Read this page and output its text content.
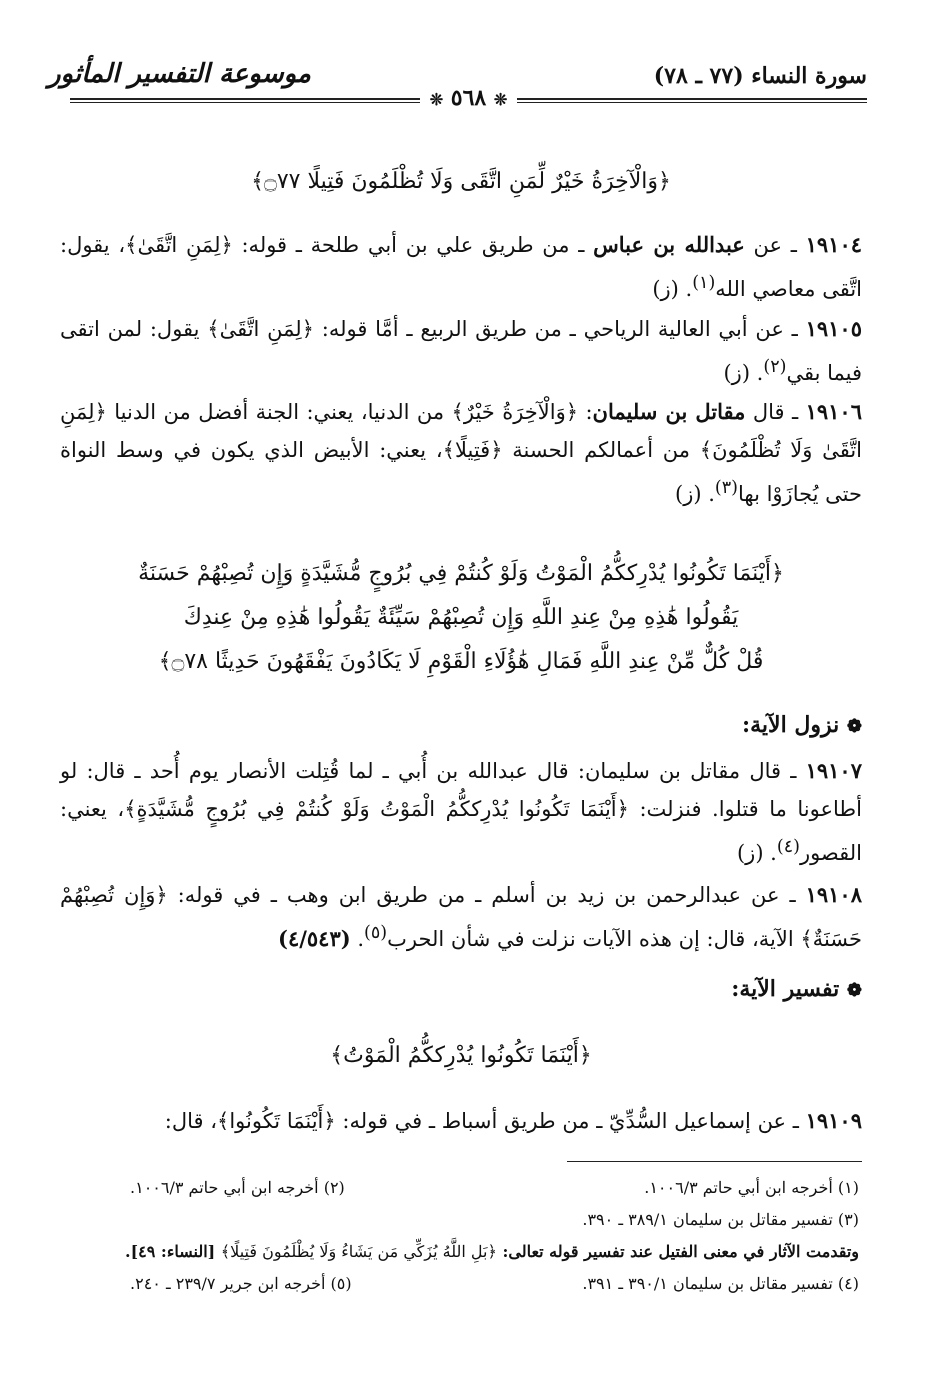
سورة النساء (٧٧ ـ ٧٨)
موسوعة التفسير المأثور
❊ ٥٦٨ ❊
﴿وَالْآخِرَةُ خَيْرٌ لِّمَنِ اتَّقَى وَلَا تُظْلَمُونَ فَتِيلًا ۝٧٧﴾
١٩١٠٤ ـ عن عبدالله بن عباس ـ من طريق علي بن أبي طلحة ـ قوله: ﴿لِمَنِ اتَّقَىٰ﴾، يقول: اتَّقى معاصي الله$^{(١)}$. (ز)
١٩١٠٥ ـ عن أبي العالية الرياحي ـ من طريق الربيع ـ أمَّا قوله: ﴿لِمَنِ اتَّقَىٰ﴾ يقول: لمن اتقى فيما بقي$^{(٢)}$. (ز)
١٩١٠٦ ـ قال مقاتل بن سليمان: ﴿وَالْآخِرَةُ خَيْرٌ﴾ من الدنيا، يعني: الجنة أفضل من الدنيا ﴿لِمَنِ اتَّقَىٰ وَلَا تُظْلَمُونَ﴾ من أعمالكم الحسنة ﴿فَتِيلًا﴾، يعني: الأبيض الذي يكون في وسط النواة حتى يُجازَوْا بها$^{(٣)}$. (ز)
﴿أَيْنَمَا تَكُونُوا يُدْرِككُّمُ الْمَوْتُ وَلَوْ كُنتُمْ فِي بُرُوجٍ مُّشَيَّدَةٍ وَإِن تُصِبْهُمْ حَسَنَةٌ
يَقُولُوا هَٰذِهِ مِنْ عِندِ اللَّهِ وَإِن تُصِبْهُمْ سَيِّئَةٌ يَقُولُوا هَٰذِهِ مِنْ عِندِكَ
قُلْ كُلٌّ مِّنْ عِندِ اللَّهِ فَمَالِ هَٰؤُلَاءِ الْقَوْمِ لَا يَكَادُونَ يَفْقَهُونَ حَدِيثًا ۝٧٨﴾
❁ نزول الآية:
١٩١٠٧ ـ قال مقاتل بن سليمان: قال عبدالله بن أُبي ـ لما قُتِلت الأنصار يوم أُحد ـ قال: لو أطاعونا ما قتلوا. فنزلت: ﴿أَيْنَمَا تَكُونُوا يُدْرِككُّمُ الْمَوْتُ وَلَوْ كُنتُمْ فِي بُرُوجٍ مُّشَيَّدَةٍ﴾، يعني: القصور$^{(٤)}$. (ز)
١٩١٠٨ ـ عن عبدالرحمن بن زيد بن أسلم ـ من طريق ابن وهب ـ في قوله: ﴿وَإِن تُصِبْهُمْ حَسَنَةٌ﴾ الآية، قال: إن هذه الآيات نزلت في شأن الحرب$^{(٥)}$. (٤/٥٤٣)
❁ تفسير الآية:
﴿أَيْنَمَا تَكُونُوا يُدْرِككُّمُ الْمَوْتُ﴾
١٩١٠٩ ـ عن إسماعيل السُّدِّيّ ـ من طريق أسباط ـ في قوله: ﴿أَيْنَمَا تَكُونُوا﴾، قال:
(١) أخرجه ابن أبي حاتم ١٠٠٦/٣.
(٢) أخرجه ابن أبي حاتم ١٠٠٦/٣.
(٣) تفسير مقاتل بن سليمان ٣٨٩/١ ـ ٣٩٠.
وتقدمت الآثار في معنى الفتيل عند تفسير قوله تعالى: ﴿بَلِ اللَّهُ يُزَكِّي مَن يَشَاءُ وَلَا يُظْلَمُونَ فَتِيلًا﴾ [النساء: ٤٩].
(٤) تفسير مقاتل بن سليمان ٣٩٠/١ ـ ٣٩١.
(٥) أخرجه ابن جرير ٢٣٩/٧ ـ ٢٤٠.
